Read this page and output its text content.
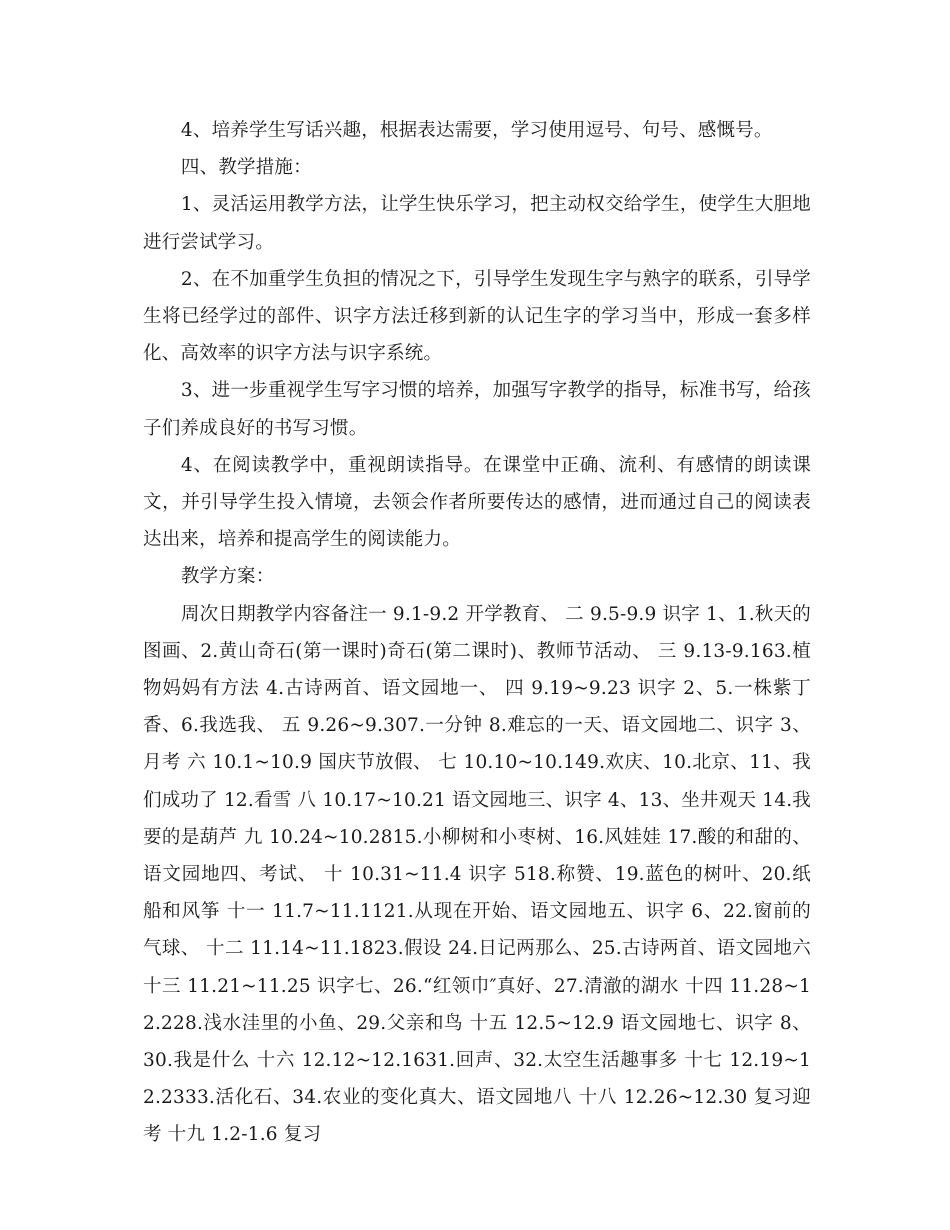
4、培养学生写话兴趣，根据表达需要，学习使用逗号、句号、感慨号。

四、教学措施：

1、灵活运用教学方法，让学生快乐学习，把主动权交给学生，使学生大胆地进行尝试学习。

2、在不加重学生负担的情况之下，引导学生发现生字与熟字的联系，引导学生将已经学过的部件、识字方法迁移到新的认记生字的学习当中，形成一套多样化、高效率的识字方法与识字系统。

3、进一步重视学生写字习惯的培养，加强写字教学的指导，标准书写，给孩子们养成良好的书写习惯。

4、在阅读教学中，重视朗读指导。在课堂中正确、流利、有感情的朗读课文，并引导学生投入情境，去领会作者所要传达的感情，进而通过自己的阅读表达出来，培养和提高学生的阅读能力。

教学方案：

周次日期教学内容备注一 9.1-9.2 开学教育、 二 9.5-9.9 识字 1、1.秋天的图画、2.黄山奇石(第一课时)奇石(第二课时)、教师节活动、 三 9.13-9.163.植物妈妈有方法 4.古诗两首、语文园地一、 四 9.19~9.23 识字 2、5.一株紫丁香、6.我选我、 五 9.26~9.307.一分钟 8.难忘的一天、语文园地二、识字 3、月考 六 10.1~10.9 国庆节放假、 七 10.10~10.149.欢庆、10.北京、11、我们成功了 12.看雪 八 10.17~10.21 语文园地三、识字 4、13、坐井观天 14.我要的是葫芦 九 10.24~10.2815.小柳树和小枣树、16.风娃娃 17.酸的和甜的、语文园地四、考试、 十 10.31~11.4 识字 518.称赞、19.蓝色的树叶、20.纸船和风筝 十一 11.7~11.1121.从现在开始、语文园地五、识字 6、22.窗前的气球、 十二 11.14~11.1823.假设 24.日记两那么、25.古诗两首、语文园地六 十三 11.21~11.25 识字七、26.“红领巾″真好、27.清澈的湖水 十四 11.28~12.228.浅水洼里的小鱼、29.父亲和鸟 十五 12.5~12.9 语文园地七、识字 8、30.我是什么 十六 12.12~12.1631.回声、32.太空生活趣事多 十七 12.19~12.2333.活化石、34.农业的变化真大、语文园地八 十八 12.26~12.30 复习迎考 十九 1.2-1.6 复习
